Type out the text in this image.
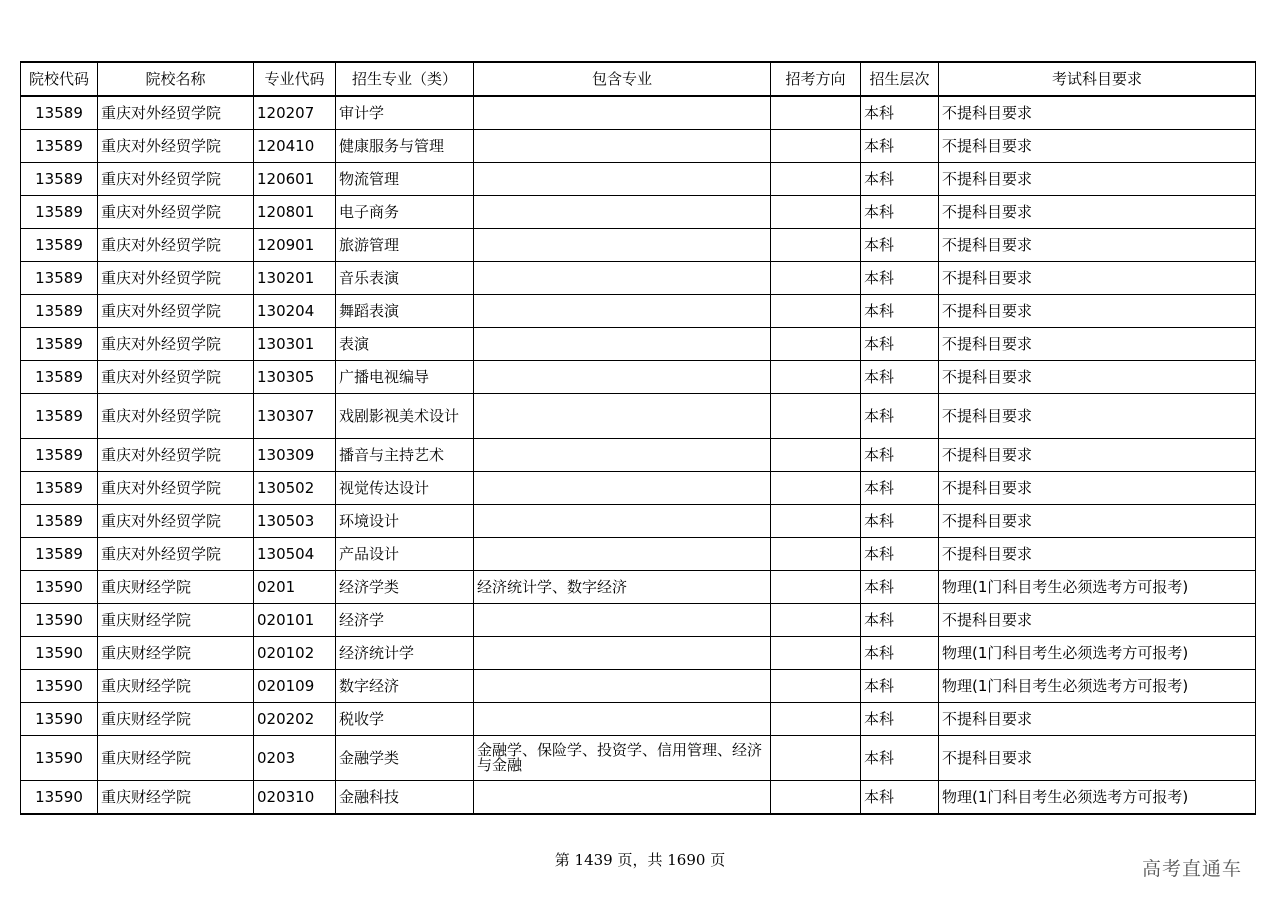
院校代码	院校名称	专业代码	招生专业（类）	包含专业	招考方向	招生层次	考试科目要求
13589	重庆对外经贸学院	120207	审计学			本科	不提科目要求
13589	重庆对外经贸学院	120410	健康服务与管理			本科	不提科目要求
13589	重庆对外经贸学院	120601	物流管理			本科	不提科目要求
13589	重庆对外经贸学院	120801	电子商务			本科	不提科目要求
13589	重庆对外经贸学院	120901	旅游管理			本科	不提科目要求
13589	重庆对外经贸学院	130201	音乐表演			本科	不提科目要求
13589	重庆对外经贸学院	130204	舞蹈表演			本科	不提科目要求
13589	重庆对外经贸学院	130301	表演			本科	不提科目要求
13589	重庆对外经贸学院	130305	广播电视编导			本科	不提科目要求
13589	重庆对外经贸学院	130307	戏剧影视美术设计			本科	不提科目要求
13589	重庆对外经贸学院	130309	播音与主持艺术			本科	不提科目要求
13589	重庆对外经贸学院	130502	视觉传达设计			本科	不提科目要求
13589	重庆对外经贸学院	130503	环境设计			本科	不提科目要求
13589	重庆对外经贸学院	130504	产品设计			本科	不提科目要求
13590	重庆财经学院	0201	经济学类	经济统计学、数字经济		本科	物理(1门科目考生必须选考方可报考)
13590	重庆财经学院	020101	经济学			本科	不提科目要求
13590	重庆财经学院	020102	经济统计学			本科	物理(1门科目考生必须选考方可报考)
13590	重庆财经学院	020109	数字经济			本科	物理(1门科目考生必须选考方可报考)
13590	重庆财经学院	020202	税收学			本科	不提科目要求
13590	重庆财经学院	0203	金融学类	金融学、保险学、投资学、信用管理、经济与金融		本科	不提科目要求
13590	重庆财经学院	020310	金融科技			本科	物理(1门科目考生必须选考方可报考)
第 1439 页，共 1690 页	高考直通车
